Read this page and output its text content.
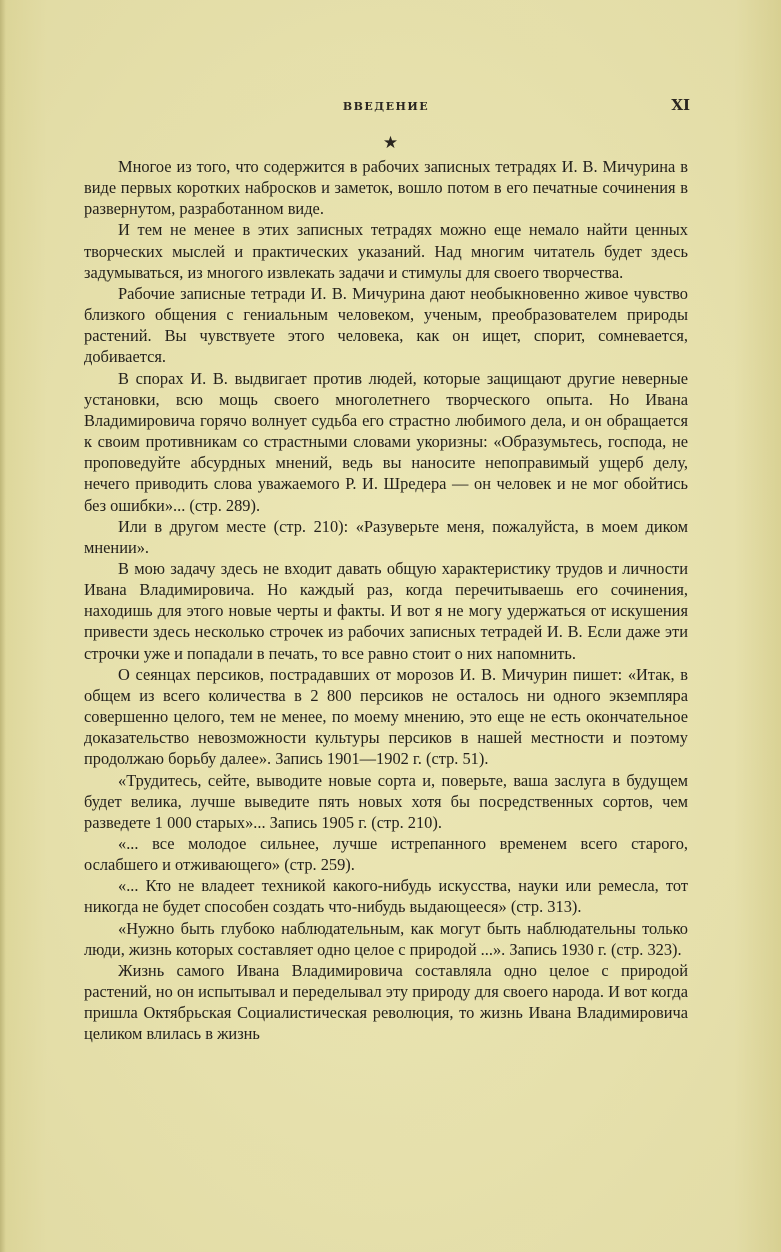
ВВЕДЕНИЕ	XI
★

Многое из того, что содержится в рабочих записных тетрадях И. В. Мичурина в виде первых коротких набросков и заметок, вошло потом в его печатные сочинения в развернутом, разработанном виде.

И тем не менее в этих записных тетрадях можно еще немало найти ценных творческих мыслей и практических указаний. Над многим читатель будет здесь задумываться, из многого извлекать задачи и стимулы для своего творчества.

Рабочие записные тетради И. В. Мичурина дают необыкновенно живое чувство близкого общения с гениальным человеком, ученым, преобразователем природы растений. Вы чувствуете этого человека, как он ищет, спорит, сомневается, добивается.

В спорах И. В. выдвигает против людей, которые защищают другие неверные установки, всю мощь своего многолетнего творческого опыта. Но Ивана Владимировича горячо волнует судьба его страстно любимого дела, и он обращается к своим противникам со страстными словами укоризны: «Образумьтесь, господа, не проповедуйте абсурдных мнений, ведь вы наносите непоправимый ущерб делу, нечего приводить слова уважаемого Р. И. Шредера — он человек и не мог обойтись без ошибки»... (стр. 289).

Или в другом месте (стр. 210): «Разуверьте меня, пожалуйста, в моем диком мнении».

В мою задачу здесь не входит давать общую характеристику трудов и личности Ивана Владимировича. Но каждый раз, когда перечитываешь его сочинения, находишь для этого новые черты и факты. И вот я не могу удержаться от искушения привести здесь несколько строчек из рабочих записных тетрадей И. В. Если даже эти строчки уже и попадали в печать, то все равно стоит о них напомнить.

О сеянцах персиков, пострадавших от морозов И. В. Мичурин пишет: «Итак, в общем из всего количества в 2 800 персиков не осталось ни одного экземпляра совершенно целого, тем не менее, по моему мнению, это еще не есть окончательное доказательство невозможности культуры персиков в нашей местности и поэтому продолжаю борьбу далее». Запись 1901—1902 г. (стр. 51).

«Трудитесь, сейте, выводите новые сорта и, поверьте, ваша заслуга в будущем будет велика, лучше выведите пять новых хотя бы посредственных сортов, чем разведете 1 000 старых»... Запись 1905 г. (стр. 210).

«... все молодое сильнее, лучше истрепанного временем всего старого, ослабшего и отживающего» (стр. 259).

«... Кто не владеет техникой какого-нибудь искусства, науки или ремесла, тот никогда не будет способен создать что-нибудь выдающееся» (стр. 313).

«Нужно быть глубоко наблюдательным, как могут быть наблюдательны только люди, жизнь которых составляет одно целое с природой ...». Запись 1930 г. (стр. 323).

Жизнь самого Ивана Владимировича составляла одно целое с природой растений, но он испытывал и переделывал эту природу для своего народа. И вот когда пришла Октябрьская Социалистическая революция, то жизнь Ивана Владимировича целиком влилась в жизнь
